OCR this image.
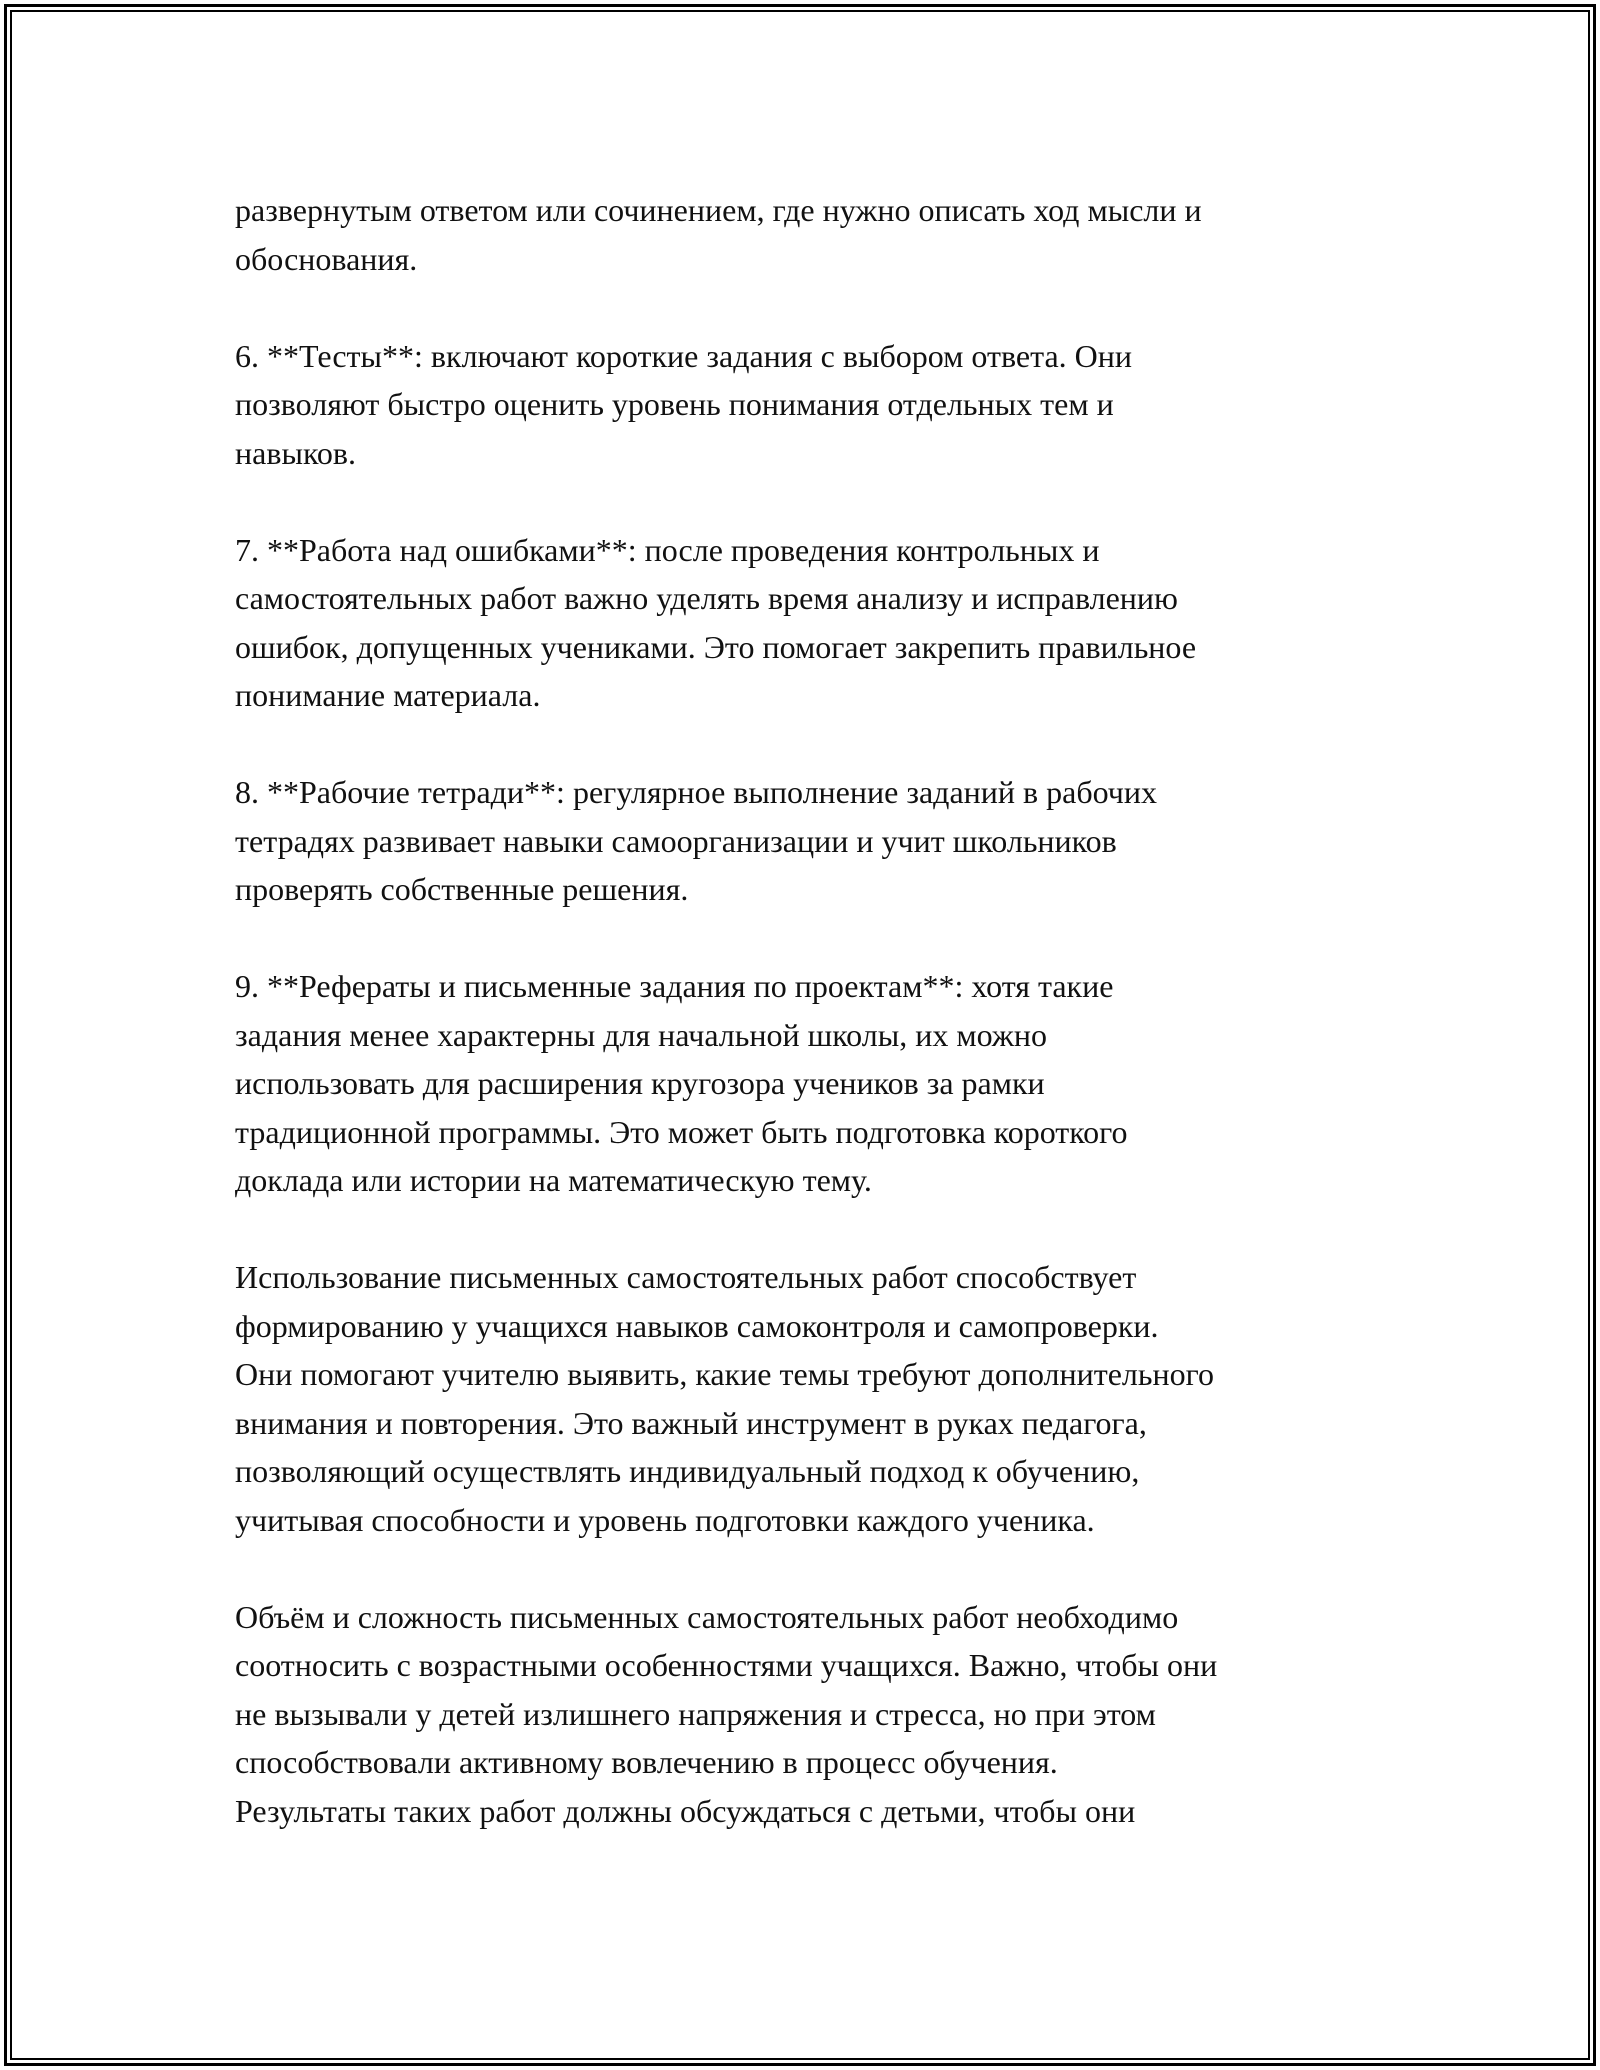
развернутым ответом или сочинением, где нужно описать ход мысли и
обоснования.

6. **Тесты**: включают короткие задания с выбором ответа. Они
позволяют быстро оценить уровень понимания отдельных тем и
навыков.

7. **Работа над ошибками**: после проведения контрольных и
самостоятельных работ важно уделять время анализу и исправлению
ошибок, допущенных учениками. Это помогает закрепить правильное
понимание материала.

8. **Рабочие тетради**: регулярное выполнение заданий в рабочих
тетрадях развивает навыки самоорганизации и учит школьников
проверять собственные решения.

9. **Рефераты и письменные задания по проектам**: хотя такие
задания менее характерны для начальной школы, их можно
использовать для расширения кругозора учеников за рамки
традиционной программы. Это может быть подготовка короткого
доклада или истории на математическую тему.

Использование письменных самостоятельных работ способствует
формированию у учащихся навыков самоконтроля и самопроверки.
Они помогают учителю выявить, какие темы требуют дополнительного
внимания и повторения. Это важный инструмент в руках педагога,
позволяющий осуществлять индивидуальный подход к обучению,
учитывая способности и уровень подготовки каждого ученика.

Объём и сложность письменных самостоятельных работ необходимо
соотносить с возрастными особенностями учащихся. Важно, чтобы они
не вызывали у детей излишнего напряжения и стресса, но при этом
способствовали активному вовлечению в процесс обучения.
Результаты таких работ должны обсуждаться с детьми, чтобы они
